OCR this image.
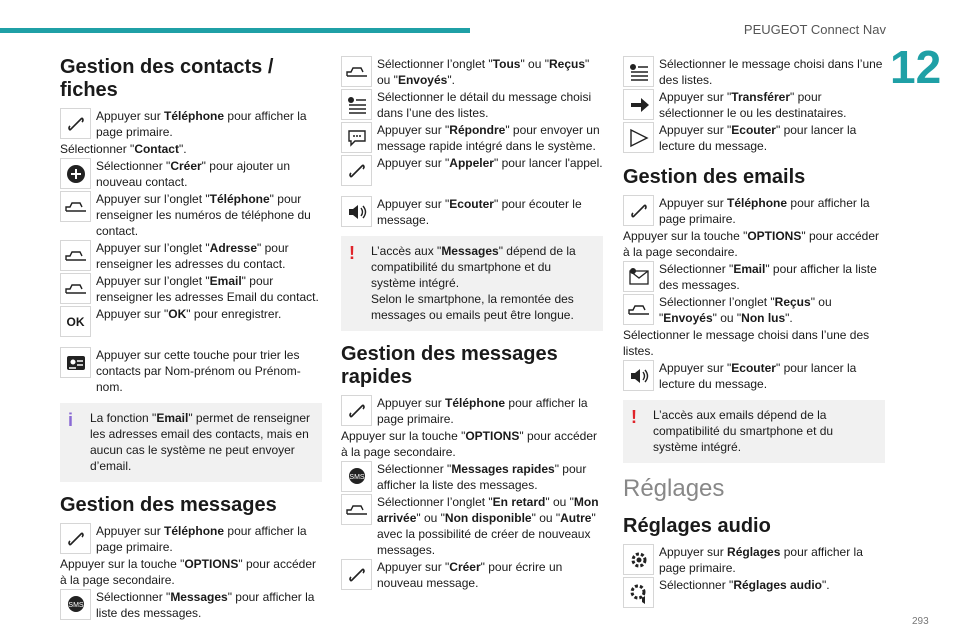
PEUGEOT Connect Nav
12
293
Gestion des contacts / fiches
Appuyer sur Téléphone pour afficher la page primaire.
Sélectionner "Contact".
Sélectionner "Créer" pour ajouter un nouveau contact.
Appuyer sur l’onglet "Téléphone" pour renseigner les numéros de téléphone du contact.
Appuyer sur l’onglet "Adresse" pour renseigner les adresses du contact.
Appuyer sur l’onglet "Email" pour renseigner les adresses Email du contact.
OK
Appuyer sur "OK" pour enregistrer.
Appuyer sur cette touche pour trier les contacts par Nom-prénom ou Prénom-nom.
i	La fonction "Email" permet de renseigner les adresses email des contacts, mais en aucun cas le système ne peut envoyer d’email.
Gestion des messages
Appuyer sur Téléphone pour afficher la page primaire.
Appuyer sur la touche "OPTIONS" pour accéder à la page secondaire.
Sélectionner "Messages" pour afficher la liste des messages.
Sélectionner l’onglet "Tous" ou "Reçus" ou "Envoyés".
Sélectionner le détail du message choisi dans l’une des listes.
Appuyer sur "Répondre" pour envoyer un message rapide intégré dans le système.
Appuyer sur "Appeler" pour lancer l'appel.
Appuyer sur "Ecouter" pour écouter le message.
!	L’accès aux "Messages" dépend de la compatibilité du smartphone et du système intégré.
Selon le smartphone, la remontée des messages ou emails peut être longue.
Gestion des messages rapides
Appuyer sur Téléphone pour afficher la page primaire.
Appuyer sur la touche "OPTIONS" pour accéder à la page secondaire.
Sélectionner "Messages rapides" pour afficher la liste des messages.
Sélectionner l’onglet "En retard" ou "Mon arrivée" ou "Non disponible" ou "Autre" avec la possibilité de créer de nouveaux messages.
Appuyer sur "Créer" pour écrire un nouveau message.
Sélectionner le message choisi dans l’une des listes.
Appuyer sur "Transférer" pour sélectionner le ou les destinataires.
Appuyer sur "Ecouter" pour lancer la lecture du message.
Gestion des emails
Appuyer sur Téléphone pour afficher la page primaire.
Appuyer sur la touche "OPTIONS" pour accéder à la page secondaire.
Sélectionner "Email" pour afficher la liste des messages.
Sélectionner l’onglet "Reçus" ou "Envoyés" ou "Non lus".
Sélectionner le message choisi dans l’une des listes.
Appuyer sur "Ecouter" pour lancer la lecture du message.
!	L’accès aux emails dépend de la compatibilité du smartphone et du système intégré.
Réglages
Réglages audio
Appuyer sur Réglages pour afficher la page primaire.
Sélectionner "Réglages audio".
